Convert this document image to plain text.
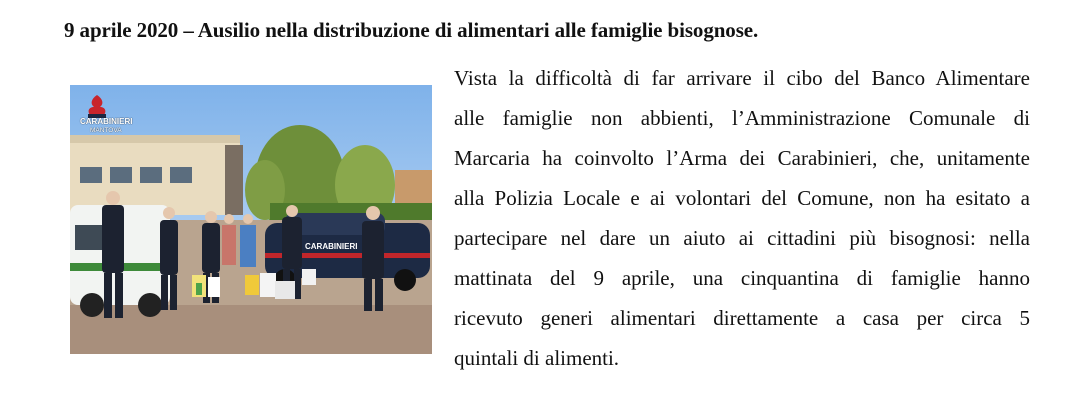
9 aprile 2020 – Ausilio nella distribuzione di alimentari alle famiglie bisognose.
CARABINIERI
CARABINIERI
MANTOVA
Vista la difficoltà di far arrivare il cibo del Banco Alimentare
alle famiglie non abbienti, l’Amministrazione Comunale di
Marcaria ha coinvolto l’Arma dei Carabinieri, che, unitamente
alla Polizia Locale e ai volontari del Comune, non ha esitato a
partecipare nel dare un aiuto ai cittadini più bisognosi: nella
mattinata del 9 aprile, una cinquantina di famiglie hanno
ricevuto generi alimentari direttamente a casa per circa 5
quintali di alimenti.
